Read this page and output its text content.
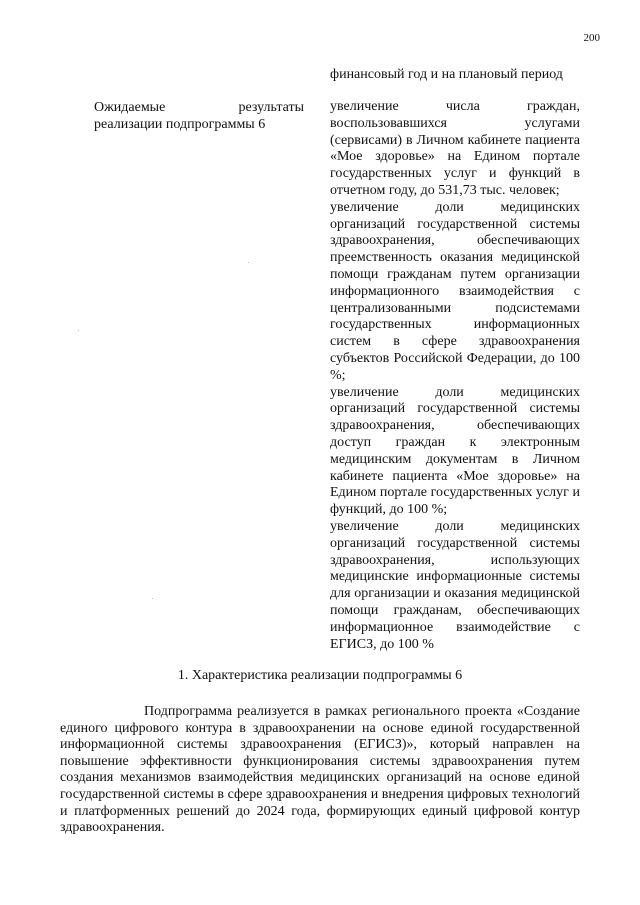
200
финансовый год и на плановый период
Ожидаемые результаты реализации подпрограммы 6

увеличение числа граждан, воспользовавшихся услугами (сервисами) в Личном кабинете пациента «Мое здоровье» на Едином портале государственных услуг и функций в отчетном году, до 531,73 тыс. человек;

увеличение доли медицинских организаций государственной системы здравоохранения, обеспечивающих преемственность оказания медицинской помощи гражданам путем организации информационного взаимодействия с централизованными подсистемами государственных информационных систем в сфере здравоохранения субъектов Российской Федерации, до 100 %;

увеличение доли медицинских организаций государственной системы здравоохранения, обеспечивающих доступ граждан к электронным медицинским документам в Личном кабинете пациента «Мое здоровье» на Едином портале государственных услуг и функций, до 100 %;

увеличение доли медицинских организаций государственной системы здравоохранения, использующих медицинские информационные системы для организации и оказания медицинской помощи гражданам, обеспечивающих информационное взаимодействие с ЕГИСЗ, до 100 %

1. Характеристика реализации подпрограммы 6

Подпрограмма реализуется в рамках регионального проекта «Создание единого цифрового контура в здравоохранении на основе единой государственной информационной системы здравоохранения (ЕГИСЗ)», который направлен на повышение эффективности функционирования системы здравоохранения путем создания механизмов взаимодействия медицинских организаций на основе единой государственной системы в сфере здравоохранения и внедрения цифровых технологий и платформенных решений до 2024 года, формирующих единый цифровой контур здравоохранения.
